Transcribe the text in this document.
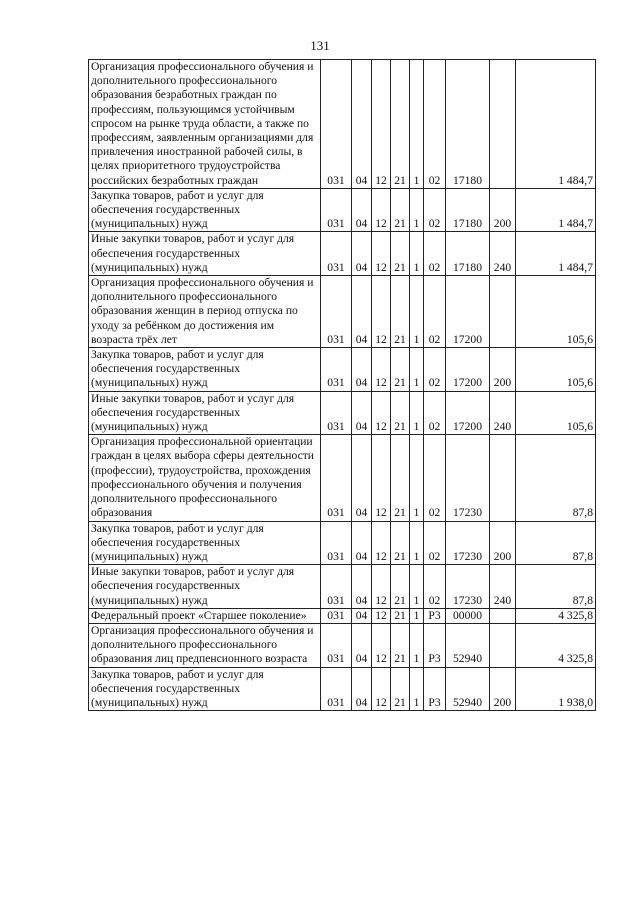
131
Организация профессионального обучения и дополнительного профессионального образования безработных граждан по профессиям, пользующимся устойчивым спросом на рынке труда области, а также по профессиям, заявленным организациями для привлечения иностранной рабочей силы, в целях приоритетного трудоустройства российских безработных граждан	031	04	12	21	1	02	17180		1 484,7
Закупка товаров, работ и услуг для обеспечения государственных (муниципальных) нужд	031	04	12	21	1	02	17180	200	1 484,7
Иные закупки товаров, работ и услуг для обеспечения государственных (муниципальных) нужд	031	04	12	21	1	02	17180	240	1 484,7
Организация профессионального обучения и дополнительного профессионального образования женщин в период отпуска по уходу за ребёнком до достижения им возраста трёх лет	031	04	12	21	1	02	17200		105,6
Закупка товаров, работ и услуг для обеспечения государственных (муниципальных) нужд	031	04	12	21	1	02	17200	200	105,6
Иные закупки товаров, работ и услуг для обеспечения государственных (муниципальных) нужд	031	04	12	21	1	02	17200	240	105,6
Организация профессиональной ориентации граждан в целях выбора сферы деятельности (профессии), трудоустройства, прохождения профессионального обучения и получения дополнительного профессионального образования	031	04	12	21	1	02	17230		87,8
Закупка товаров, работ и услуг для обеспечения государственных (муниципальных) нужд	031	04	12	21	1	02	17230	200	87,8
Иные закупки товаров, работ и услуг для обеспечения государственных (муниципальных) нужд	031	04	12	21	1	02	17230	240	87,8
Федеральный проект «Старшее поколение»	031	04	12	21	1	P3	00000		4 325,8
Организация профессионального обучения и дополнительного профессионального образования лиц предпенсионного возраста	031	04	12	21	1	P3	52940		4 325,8
Закупка товаров, работ и услуг для обеспечения государственных (муниципальных) нужд	031	04	12	21	1	P3	52940	200	1 938,0
